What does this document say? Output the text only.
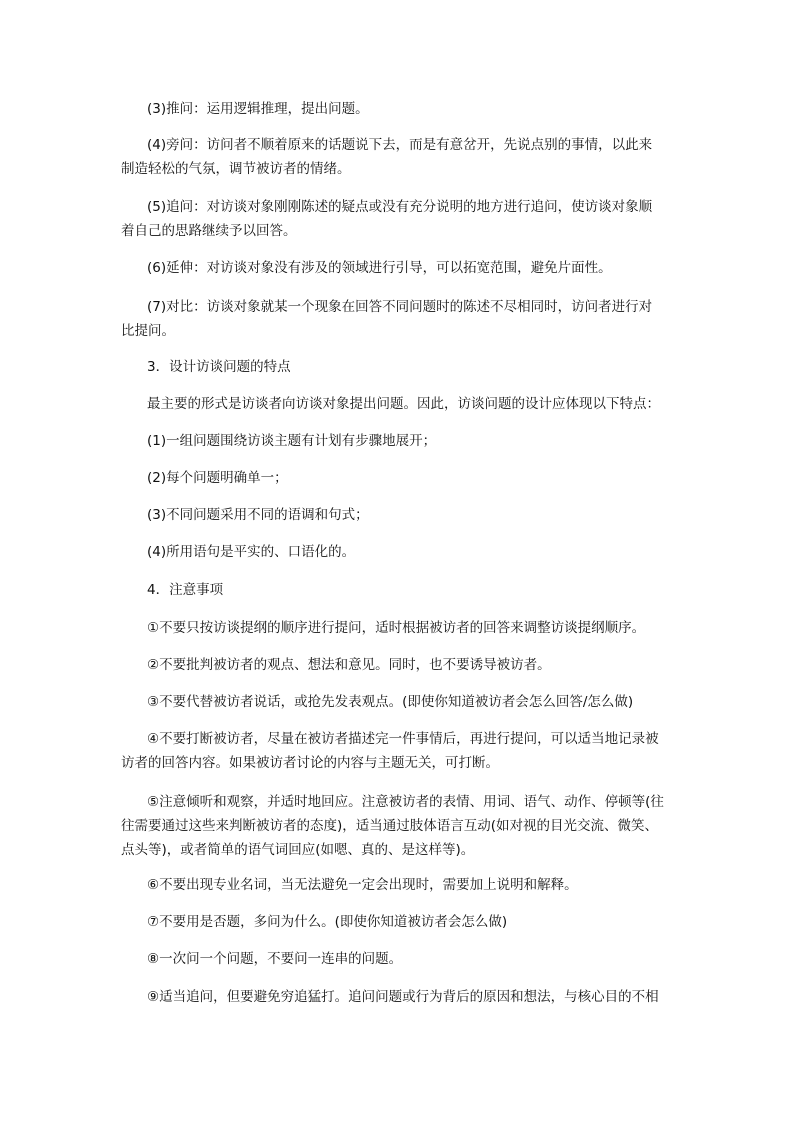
(3)推问：运用逻辑推理，提出问题。

(4)旁问：访问者不顺着原来的话题说下去，而是有意岔开，先说点别的事情，以此来
制造轻松的气氛，调节被访者的情绪。

(5)追问：对访谈对象刚刚陈述的疑点或没有充分说明的地方进行追问，使访谈对象顺
着自己的思路继续予以回答。

(6)延伸：对访谈对象没有涉及的领域进行引导，可以拓宽范围，避免片面性。

(7)对比：访谈对象就某一个现象在回答不同问题时的陈述不尽相同时，访问者进行对
比提问。

3．设计访谈问题的特点

最主要的形式是访谈者向访谈对象提出问题。因此，访谈问题的设计应体现以下特点：

(1)一组问题围绕访谈主题有计划有步骤地展开；

(2)每个问题明确单一；

(3)不同问题采用不同的语调和句式；

(4)所用语句是平实的、口语化的。

4．注意事项

①不要只按访谈提纲的顺序进行提问，适时根据被访者的回答来调整访谈提纲顺序。

②不要批判被访者的观点、想法和意见。同时，也不要诱导被访者。

③不要代替被访者说话，或抢先发表观点。(即使你知道被访者会怎么回答/怎么做)

④不要打断被访者，尽量在被访者描述完一件事情后，再进行提问，可以适当地记录被
访者的回答内容。如果被访者讨论的内容与主题无关，可打断。

⑤注意倾听和观察，并适时地回应。注意被访者的表情、用词、语气、动作、停顿等(往
往需要通过这些来判断被访者的态度)，适当通过肢体语言互动(如对视的目光交流、微笑、
点头等)，或者简单的语气词回应(如嗯、真的、是这样等)。

⑥不要出现专业名词，当无法避免一定会出现时，需要加上说明和解释。

⑦不要用是否题，多问为什么。(即使你知道被访者会怎么做)

⑧一次问一个问题，不要问一连串的问题。

⑨适当追问，但要避免穷追猛打。追问问题或行为背后的原因和想法，与核心目的不相
